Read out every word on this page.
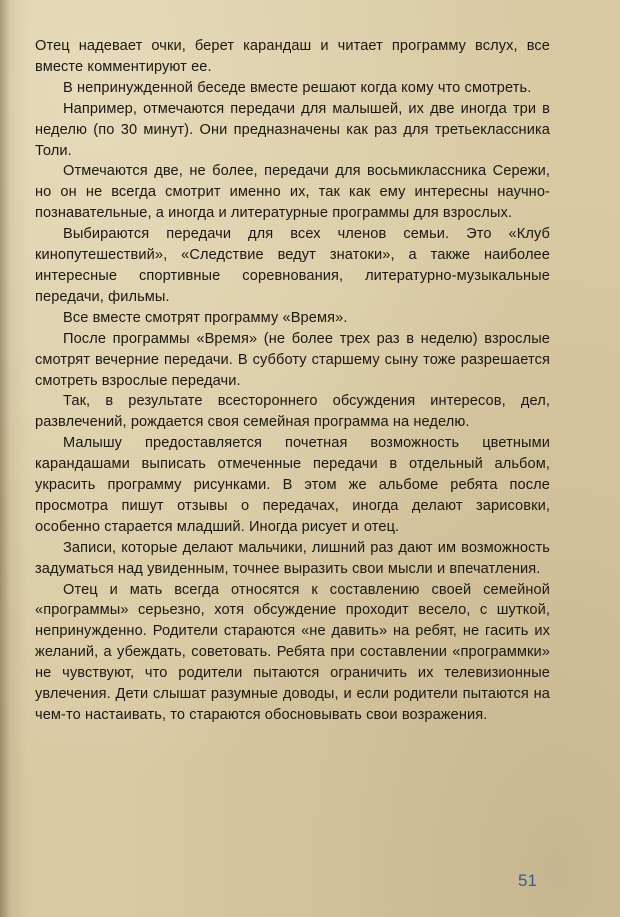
Отец надевает очки, берет карандаш и читает программу вслух, все вместе комментируют ее.

В непринужденной беседе вместе решают когда кому что смотреть.

Например, отмечаются передачи для малышей, их две иногда три в неделю (по 30 минут). Они предназначены как раз для третьеклассника Толи.

Отмечаются две, не более, передачи для восьмиклассника Сережи, но он не всегда смотрит именно их, так как ему интересны научно-познавательные, а иногда и литературные программы для взрослых.

Выбираются передачи для всех членов семьи. Это «Клуб кинопутешествий», «Следствие ведут знатоки», а также наиболее интересные спортивные соревнования, литературно-музыкальные передачи, фильмы.

Все вместе смотрят программу «Время».

После программы «Время» (не более трех раз в неделю) взрослые смотрят вечерние передачи. В субботу старшему сыну тоже разрешается смотреть взрослые передачи.

Так, в результате всестороннего обсуждения интересов, дел, развлечений, рождается своя семейная программа на неделю.

Малышу предоставляется почетная возможность цветными карандашами выписать отмеченные передачи в отдельный альбом, украсить программу рисунками. В этом же альбоме ребята после просмотра пишут отзывы о передачах, иногда делают зарисовки, особенно старается младший. Иногда рисует и отец.

Записи, которые делают мальчики, лишний раз дают им возможность задуматься над увиденным, точнее выразить свои мысли и впечатления.

Отец и мать всегда относятся к составлению своей семейной «программы» серьезно, хотя обсуждение проходит весело, с шуткой, непринужденно. Родители стараются «не давить» на ребят, не гасить их желаний, а убеждать, советовать. Ребята при составлении «программки» не чувствуют, что родители пытаются ограничить их телевизионные увлечения. Дети слышат разумные доводы, и если родители пытаются на чем-то настаивать, то стараются обосновывать свои возражения.

51
